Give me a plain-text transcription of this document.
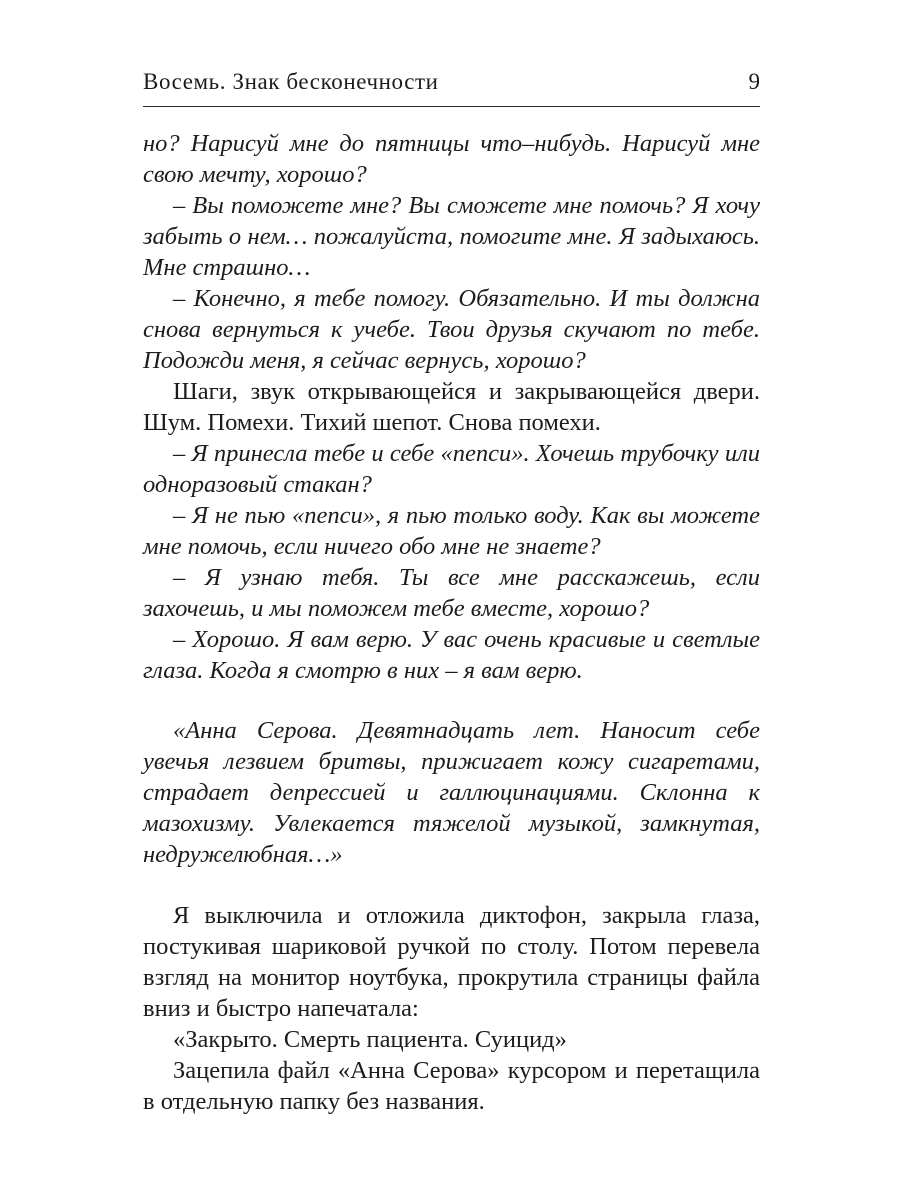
Восемь. Знак бесконечности	9

но? Нарисуй мне до пятницы что–нибудь. Нарисуй мне свою мечту, хорошо?

– Вы поможете мне? Вы сможете мне помочь? Я хочу забыть о нем… пожалуйста, помогите мне. Я задыхаюсь. Мне страшно…

– Конечно, я тебе помогу. Обязательно. И ты должна снова вернуться к учебе. Твои друзья скучают по тебе. Подожди меня, я сейчас вернусь, хорошо?

Шаги, звук открывающейся и закрывающейся двери. Шум. Помехи. Тихий шепот. Снова помехи.

– Я принесла тебе и себе «пепси». Хочешь трубочку или одноразовый стакан?

– Я не пью «пепси», я пью только воду. Как вы можете мне помочь, если ничего обо мне не знаете?

– Я узнаю тебя. Ты все мне расскажешь, если захочешь, и мы поможем тебе вместе, хорошо?

– Хорошо. Я вам верю. У вас очень красивые и светлые глаза. Когда я смотрю в них – я вам верю.

«Анна Серова. Девятнадцать лет. Наносит себе увечья лезвием бритвы, прижигает кожу сигаретами, страдает депрессией и галлюцинациями. Склонна к мазохизму. Увлекается тяжелой музыкой, замкнутая, недружелюбная…»

Я выключила и отложила диктофон, закрыла глаза, постукивая шариковой ручкой по столу. Потом перевела взгляд на монитор ноутбука, прокрутила страницы файла вниз и быстро напечатала:

«Закрыто. Смерть пациента. Суицид»

Зацепила файл «Анна Серова» курсором и перетащила в отдельную папку без названия.
